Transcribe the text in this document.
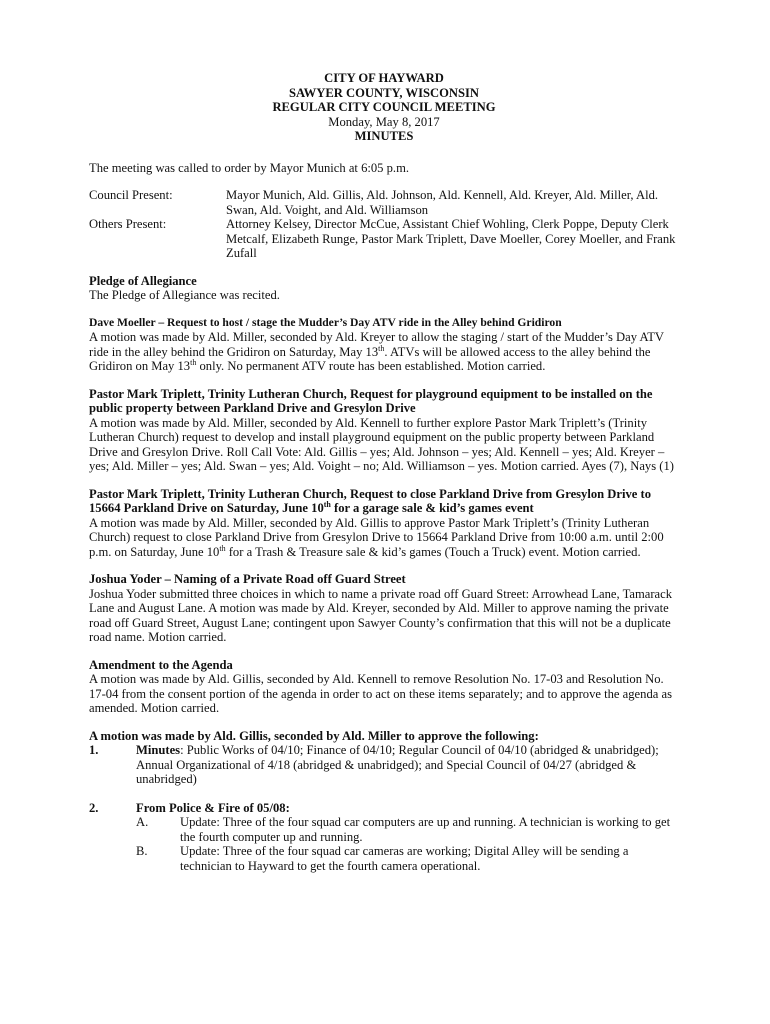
CITY OF HAYWARD
SAWYER COUNTY, WISCONSIN
REGULAR CITY COUNCIL MEETING
Monday, May 8, 2017
MINUTES

The meeting was called to order by Mayor Munich at 6:05 p.m.

Council Present:	Mayor Munich, Ald. Gillis, Ald. Johnson, Ald. Kennell, Ald. Kreyer, Ald. Miller, Ald. Swan, Ald. Voight, and Ald. Williamson
Others Present:	Attorney Kelsey, Director McCue, Assistant Chief Wohling, Clerk Poppe, Deputy Clerk Metcalf, Elizabeth Runge, Pastor Mark Triplett, Dave Moeller, Corey Moeller, and Frank Zufall

Pledge of Allegiance

The Pledge of Allegiance was recited.

Dave Moeller – Request to host / stage the Mudder’s Day ATV ride in the Alley behind Gridiron

A motion was made by Ald. Miller, seconded by Ald. Kreyer to allow the staging / start of the Mudder’s Day ATV ride in the alley behind the Gridiron on Saturday, May 13th. ATVs will be allowed access to the alley behind the Gridiron on May 13th only. No permanent ATV route has been established. Motion carried.

Pastor Mark Triplett, Trinity Lutheran Church, Request for playground equipment to be installed on the public property between Parkland Drive and Gresylon Drive

A motion was made by Ald. Miller, seconded by Ald. Kennell to further explore Pastor Mark Triplett’s (Trinity Lutheran Church) request to develop and install playground equipment on the public property between Parkland Drive and Gresylon Drive. Roll Call Vote: Ald. Gillis – yes; Ald. Johnson – yes; Ald. Kennell – yes; Ald. Kreyer – yes; Ald. Miller – yes; Ald. Swan – yes; Ald. Voight – no; Ald. Williamson – yes. Motion carried. Ayes (7), Nays (1)

Pastor Mark Triplett, Trinity Lutheran Church, Request to close Parkland Drive from Gresylon Drive to 15664 Parkland Drive on Saturday, June 10th for a garage sale & kid’s games event

A motion was made by Ald. Miller, seconded by Ald. Gillis to approve Pastor Mark Triplett’s (Trinity Lutheran Church) request to close Parkland Drive from Gresylon Drive to 15664 Parkland Drive from 10:00 a.m. until 2:00 p.m. on Saturday, June 10th for a Trash & Treasure sale & kid’s games (Touch a Truck) event. Motion carried.

Joshua Yoder – Naming of a Private Road off Guard Street

Joshua Yoder submitted three choices in which to name a private road off Guard Street: Arrowhead Lane, Tamarack Lane and August Lane. A motion was made by Ald. Kreyer, seconded by Ald. Miller to approve naming the private road off Guard Street, August Lane; contingent upon Sawyer County’s confirmation that this will not be a duplicate road name. Motion carried.

Amendment to the Agenda

A motion was made by Ald. Gillis, seconded by Ald. Kennell to remove Resolution No. 17-03 and Resolution No. 17-04 from the consent portion of the agenda in order to act on these items separately; and to approve the agenda as amended. Motion carried.

A motion was made by Ald. Gillis, seconded by Ald. Miller to approve the following:

1.	Minutes: Public Works of 04/10; Finance of 04/10; Regular Council of 04/10 (abridged & unabridged); Annual Organizational of 4/18 (abridged & unabridged); and Special Council of 04/27 (abridged & unabridged)
2.	From Police & Fire of 05/08:
A.	Update: Three of the four squad car computers are up and running. A technician is working to get the fourth computer up and running.
B.	Update: Three of the four squad car cameras are working; Digital Alley will be sending a technician to Hayward to get the fourth camera operational.
